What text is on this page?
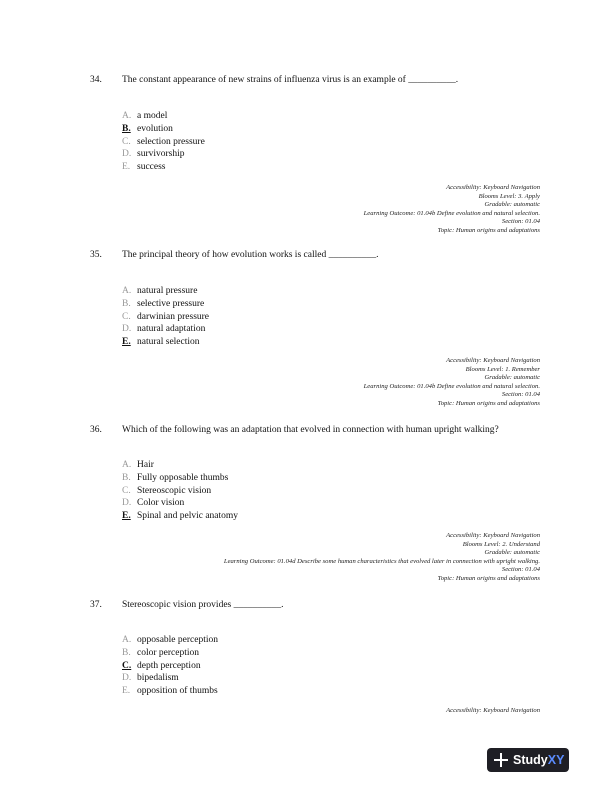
34. The constant appearance of new strains of influenza virus is an example of __________.
A. a model
B. evolution
C. selection pressure
D. survivorship
E. success
Accessibility: Keyboard Navigation
Blooms Level: 3. Apply
Gradable: automatic
Learning Outcome: 01.04b Define evolution and natural selection.
Section: 01.04
Topic: Human origins and adaptations
35. The principal theory of how evolution works is called __________.
A. natural pressure
B. selective pressure
C. darwinian pressure
D. natural adaptation
E. natural selection
Accessibility: Keyboard Navigation
Blooms Level: 1. Remember
Gradable: automatic
Learning Outcome: 01.04b Define evolution and natural selection.
Section: 01.04
Topic: Human origins and adaptations
36. Which of the following was an adaptation that evolved in connection with human upright walking?
A. Hair
B. Fully opposable thumbs
C. Stereoscopic vision
D. Color vision
E. Spinal and pelvic anatomy
Accessibility: Keyboard Navigation
Blooms Level: 2. Understand
Gradable: automatic
Learning Outcome: 01.04d Describe some human characteristics that evolved later in connection with upright walking.
Section: 01.04
Topic: Human origins and adaptations
37. Stereoscopic vision provides __________.
A. opposable perception
B. color perception
C. depth perception
D. bipedalism
E. opposition of thumbs
Accessibility: Keyboard Navigation
Study XY
